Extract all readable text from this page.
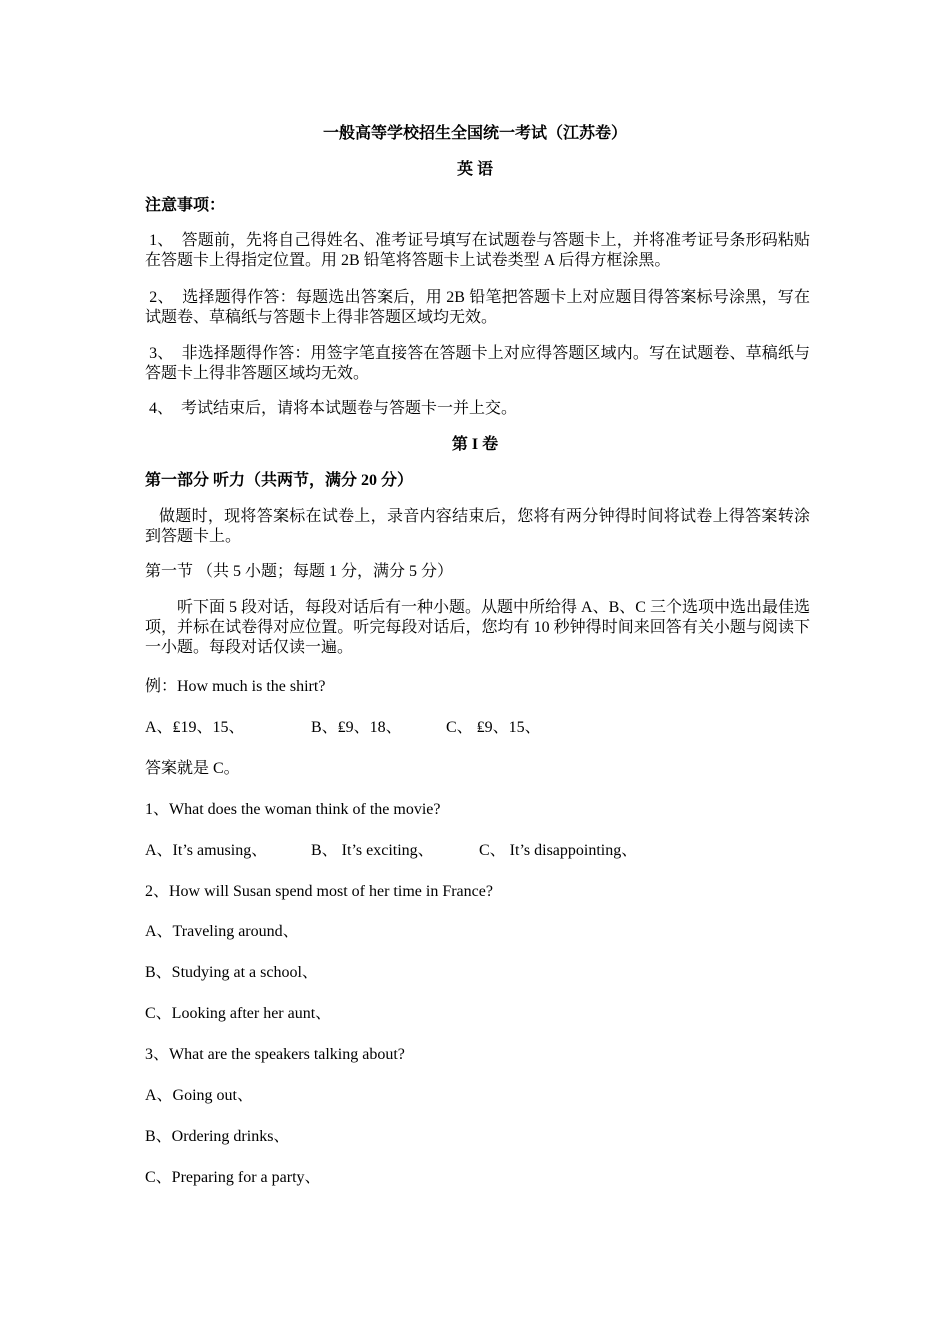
一般高等学校招生全国统一考试（江苏卷）
英 语
注意事项：
1、 答题前，先将自己得姓名、准考证号填写在试题卷与答题卡上，并将准考证号条形码粘贴在答题卡上得指定位置。用 2B 铅笔将答题卡上试卷类型 A 后得方框涂黑。
2、 选择题得作答：每题选出答案后，用 2B 铅笔把答题卡上对应题目得答案标号涂黑，写在试题卷、草稿纸与答题卡上得非答题区域均无效。
3、 非选择题得作答：用签字笔直接答在答题卡上对应得答题区域内。写在试题卷、草稿纸与答题卡上得非答题区域均无效。
4、 考试结束后，请将本试题卷与答题卡一并上交。
第 I 卷
第一部分 听力（共两节，满分 20 分）
做题时，现将答案标在试卷上，录音内容结束后，您将有两分钟得时间将试卷上得答案转涂到答题卡上。
第一节 （共 5 小题；每题 1 分，满分 5 分）
听下面 5 段对话，每段对话后有一种小题。从题中所给得 A、B、C 三个选项中选出最佳选项，并标在试卷得对应位置。听完每段对话后，您均有 10 秒钟得时间来回答有关小题与阅读下一小题。每段对话仅读一遍。
例：How much is the shirt?
A、₤19、15、	B、₤9、18、	C、 ₤9、15、
答案就是 C。
1、What does the woman think of the movie?
A、It’s amusing、	B、 It’s exciting、	C、 It’s disappointing、
2、How will Susan spend most of her time in France?
A、Traveling around、
B、Studying at a school、
C、Looking after her aunt、
3、What are the speakers talking about?
A、Going out、
B、Ordering drinks、
C、Preparing for a party、
